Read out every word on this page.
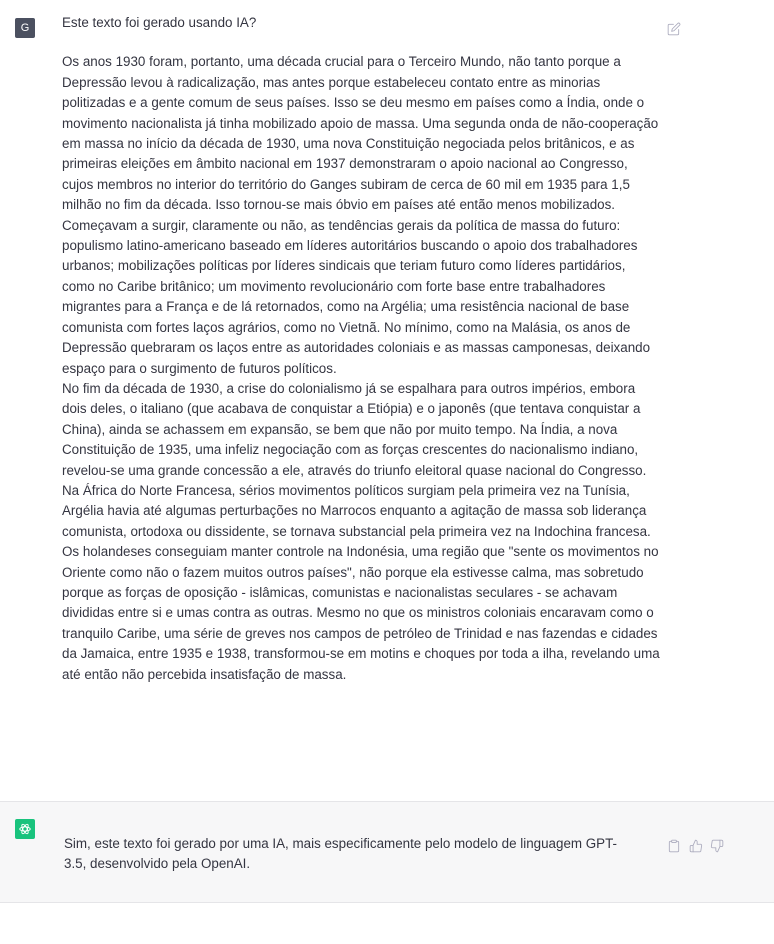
G Este texto foi gerado usando IA?

Os anos 1930 foram, portanto, uma década crucial para o Terceiro Mundo, não tanto porque a Depressão levou à radicalização, mas antes porque estabeleceu contato entre as minorias politizadas e a gente comum de seus países. Isso se deu mesmo em países como a Índia, onde o movimento nacionalista já tinha mobilizado apoio de massa. Uma segunda onda de não-cooperação em massa no início da década de 1930, uma nova Constituição negociada pelos britânicos, e as primeiras eleições em âmbito nacional em 1937 demonstraram o apoio nacional ao Congresso, cujos membros no interior do território do Ganges subiram de cerca de 60 mil em 1935 para 1,5 milhão no fim da década. Isso tornou-se mais óbvio em países até então menos mobilizados. Começavam a surgir, claramente ou não, as tendências gerais da política de massa do futuro: populismo latino-americano baseado em líderes autoritários buscando o apoio dos trabalhadores urbanos; mobilizações políticas por líderes sindicais que teriam futuro como líderes partidários, como no Caribe britânico; um movimento revolucionário com forte base entre trabalhadores migrantes para a França e de lá retornados, como na Argélia; uma resistência nacional de base comunista com fortes laços agrários, como no Vietnã. No mínimo, como na Malásia, os anos de Depressão quebraram os laços entre as autoridades coloniais e as massas camponesas, deixando espaço para o surgimento de futuros políticos.

No fim da década de 1930, a crise do colonialismo já se espalhara para outros impérios, embora dois deles, o italiano (que acabava de conquistar a Etiópia) e o japonês (que tentava conquistar a China), ainda se achassem em expansão, se bem que não por muito tempo. Na Índia, a nova Constituição de 1935, uma infeliz negociação com as forças crescentes do nacionalismo indiano, revelou-se uma grande concessão a ele, através do triunfo eleitoral quase nacional do Congresso. Na África do Norte Francesa, sérios movimentos políticos surgiam pela primeira vez na Tunísia, Argélia havia até algumas perturbações no Marrocos enquanto a agitação de massa sob liderança comunista, ortodoxa ou dissidente, se tornava substancial pela primeira vez na Indochina francesa. Os holandeses conseguiam manter controle na Indonésia, uma região que "sente os movimentos no Oriente como não o fazem muitos outros países", não porque ela estivesse calma, mas sobretudo porque as forças de oposição - islâmicas, comunistas e nacionalistas seculares - se achavam divididas entre si e umas contra as outras. Mesmo no que os ministros coloniais encaravam como o tranquilo Caribe, uma série de greves nos campos de petróleo de Trinidad e nas fazendas e cidades da Jamaica, entre 1935 e 1938, transformou-se em motins e choques por toda a ilha, revelando uma até então não percebida insatisfação de massa.

Sim, este texto foi gerado por uma IA, mais especificamente pelo modelo de linguagem GPT-3.5, desenvolvido pela OpenAI.
